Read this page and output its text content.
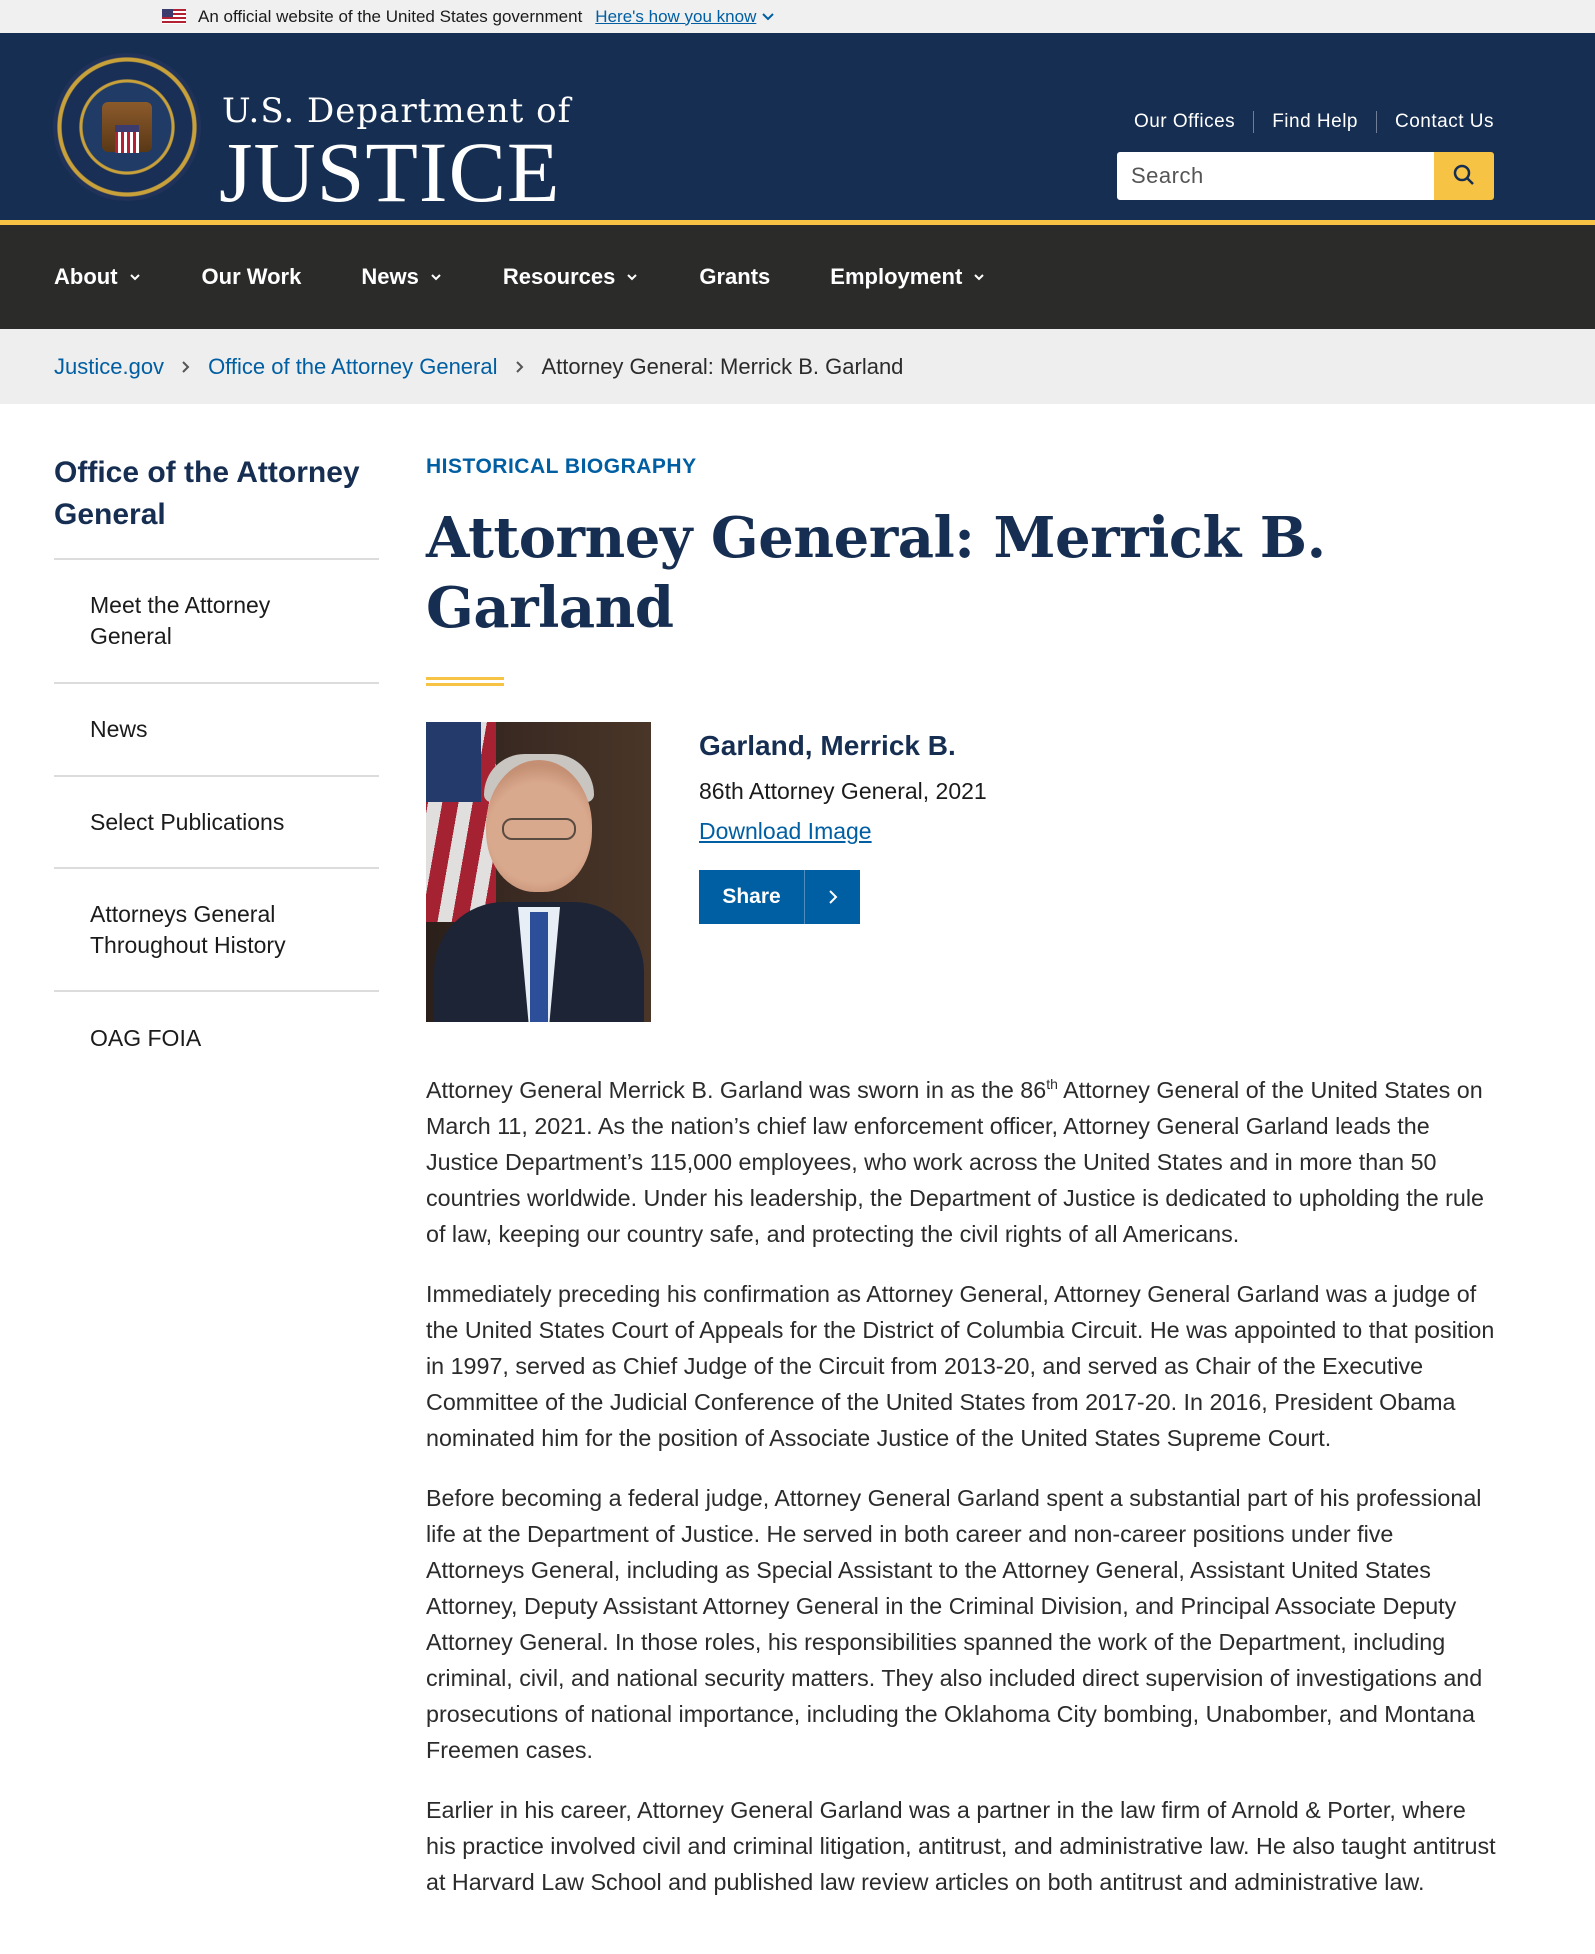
An official website of the United States government Here's how you know
U.S. Department of
JUSTICE
Our Offices Find Help Contact Us
Search
About	Our Work	News	Resources	Grants	Employment
Justice.gov Office of the Attorney General Attorney General: Merrick B. Garland
Office of the Attorney General
Meet the Attorney General
News
Select Publications
Attorneys General Throughout History
OAG FOIA
HISTORICAL BIOGRAPHY
Attorney General: Merrick B. Garland
Garland, Merrick B.
86th Attorney General, 2021
Download Image
Share

Attorney General Merrick B. Garland was sworn in as the 86th Attorney General of the United States on March 11, 2021. As the nation’s chief law enforcement officer, Attorney General Garland leads the Justice Department’s 115,000 employees, who work across the United States and in more than 50 countries worldwide. Under his leadership, the Department of Justice is dedicated to upholding the rule of law, keeping our country safe, and protecting the civil rights of all Americans.

Immediately preceding his confirmation as Attorney General, Attorney General Garland was a judge of the United States Court of Appeals for the District of Columbia Circuit. He was appointed to that position in 1997, served as Chief Judge of the Circuit from 2013-20, and served as Chair of the Executive Committee of the Judicial Conference of the United States from 2017-20. In 2016, President Obama nominated him for the position of Associate Justice of the United States Supreme Court.

Before becoming a federal judge, Attorney General Garland spent a substantial part of his professional life at the Department of Justice. He served in both career and non-career positions under five Attorneys General, including as Special Assistant to the Attorney General, Assistant United States Attorney, Deputy Assistant Attorney General in the Criminal Division, and Principal Associate Deputy Attorney General. In those roles, his responsibilities spanned the work of the Department, including criminal, civil, and national security matters. They also included direct supervision of investigations and prosecutions of national importance, including the Oklahoma City bombing, Unabomber, and Montana Freemen cases.

Earlier in his career, Attorney General Garland was a partner in the law firm of Arnold & Porter, where his practice involved civil and criminal litigation, antitrust, and administrative law. He also taught antitrust at Harvard Law School and published law review articles on both antitrust and administrative law.
